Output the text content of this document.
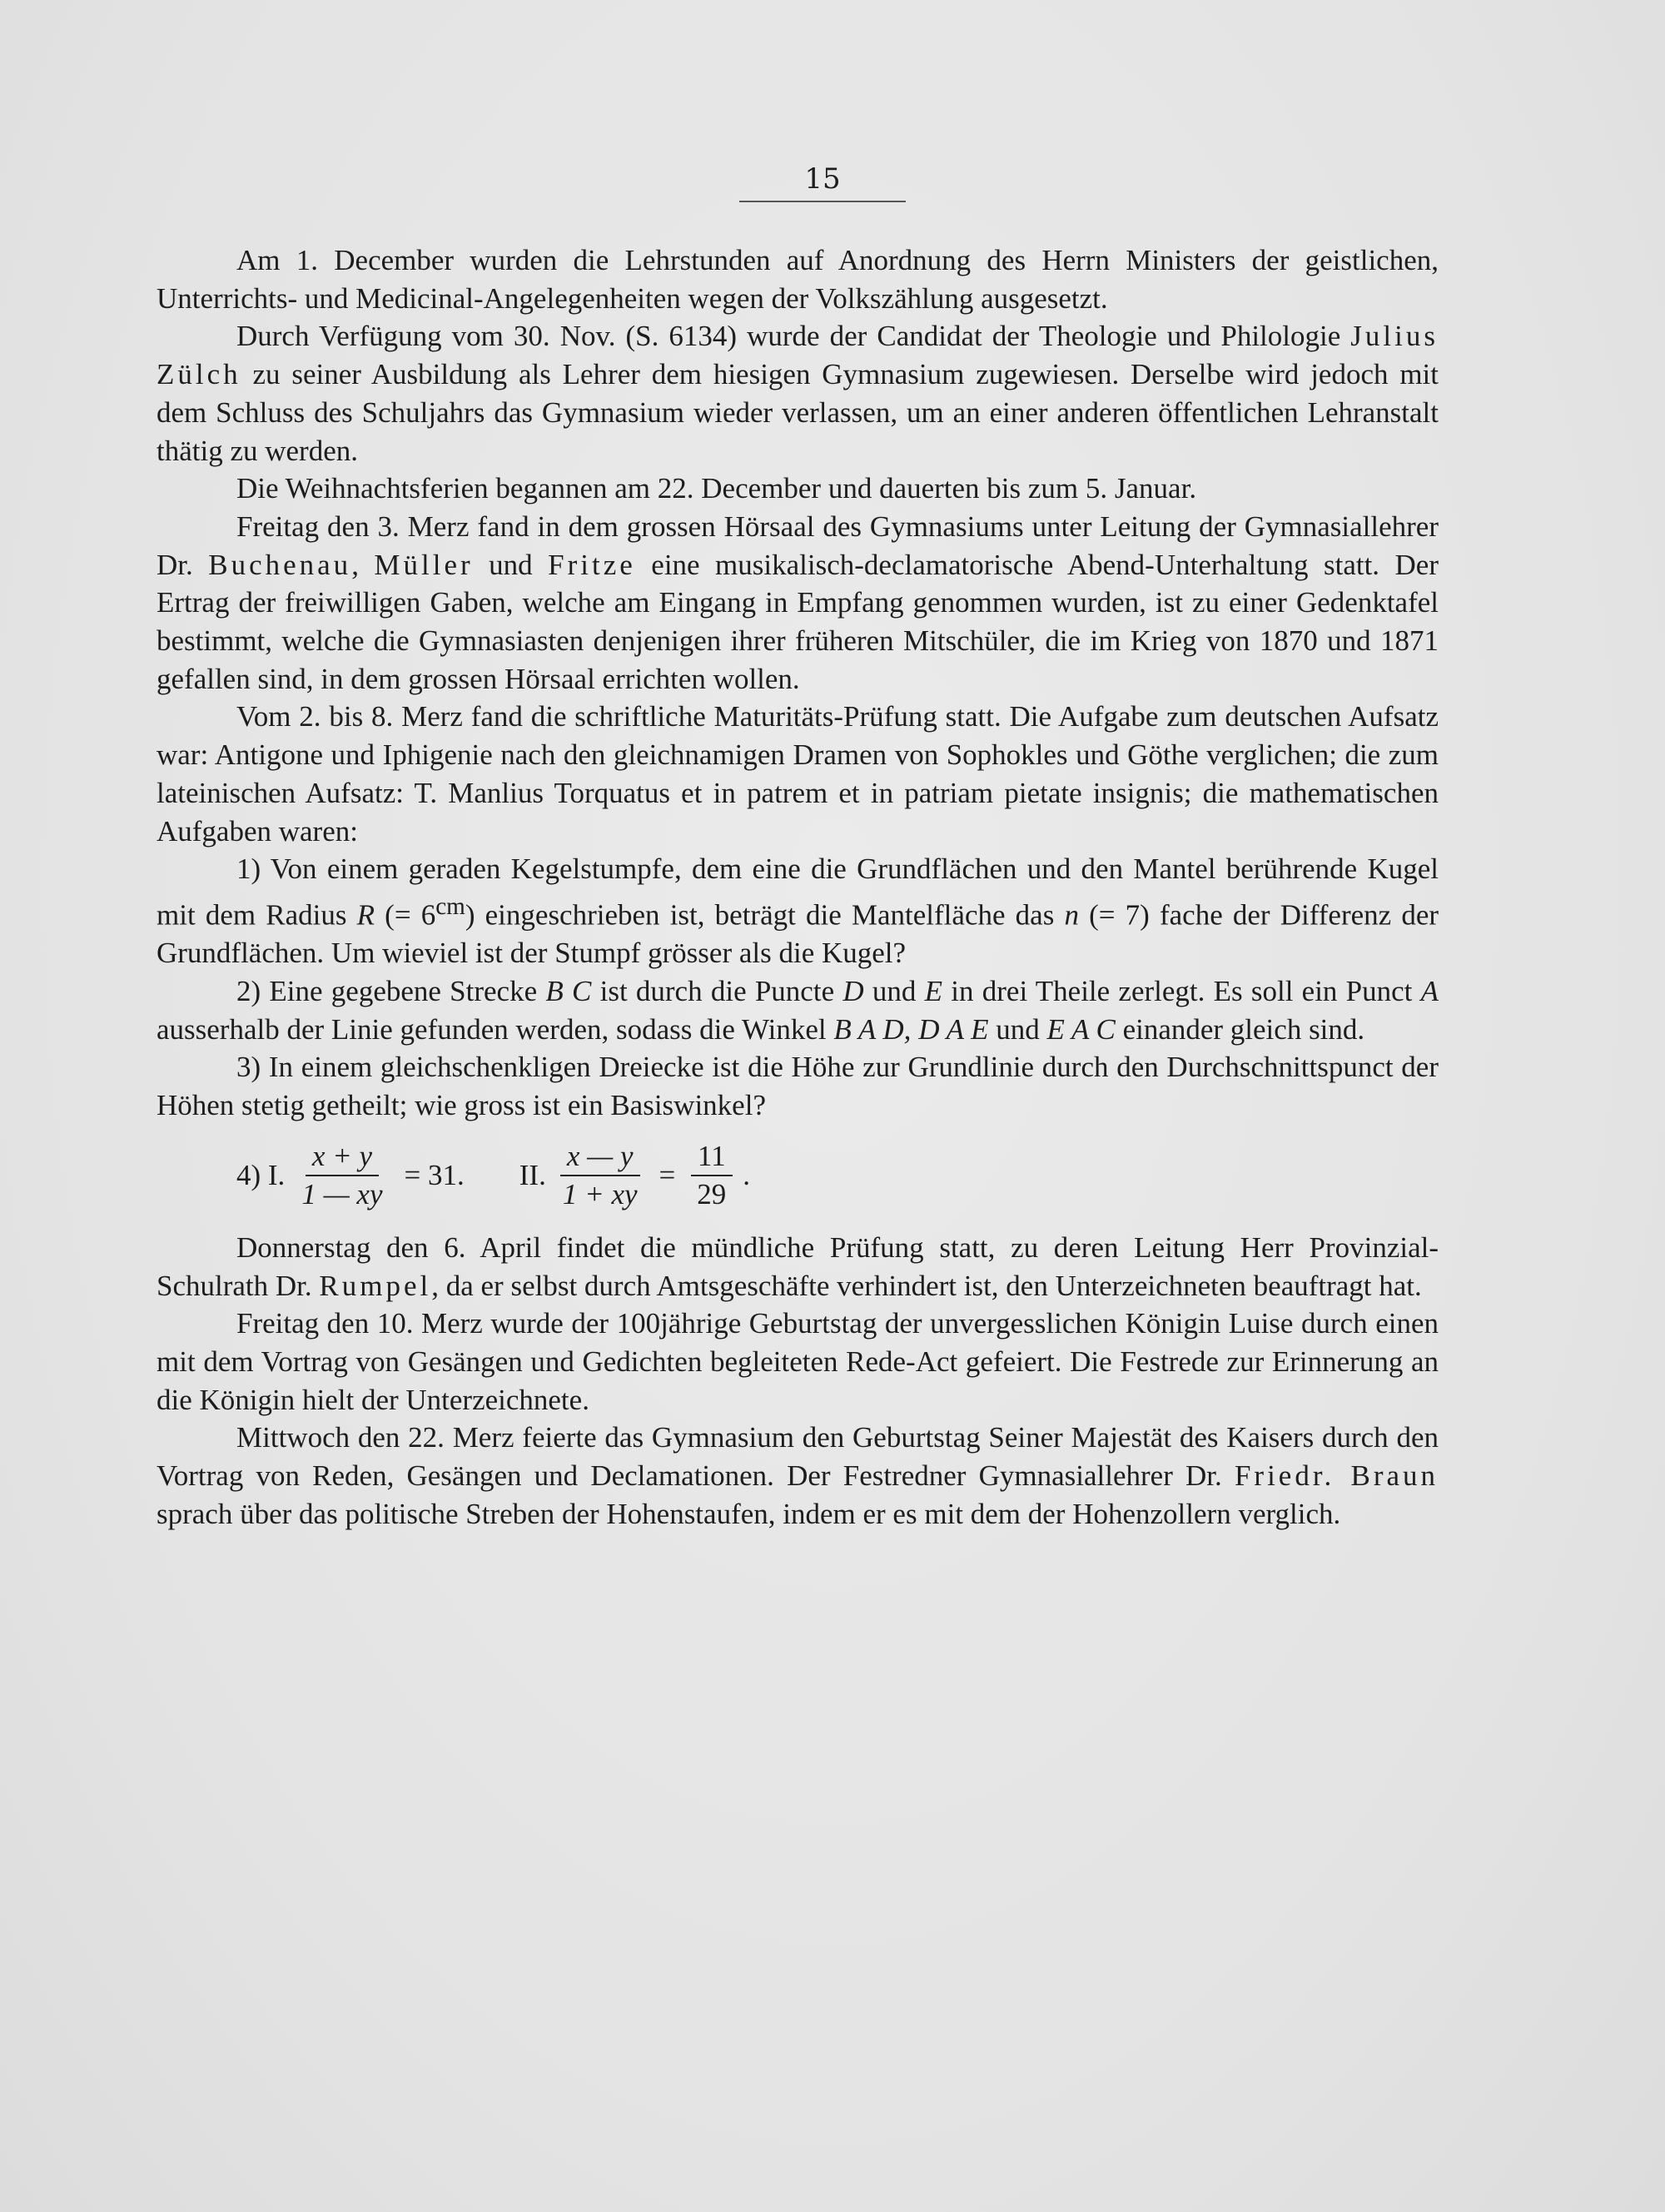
15

Am 1. December wurden die Lehrstunden auf Anordnung des Herrn Ministers der geistlichen, Unterrichts- und Medicinal-Angelegenheiten wegen der Volkszählung ausgesetzt.

Durch Verfügung vom 30. Nov. (S. 6134) wurde der Candidat der Theologie und Philologie Julius Zülch zu seiner Ausbildung als Lehrer dem hiesigen Gymnasium zugewiesen. Derselbe wird jedoch mit dem Schluss des Schuljahrs das Gymnasium wieder verlassen, um an einer anderen öffentlichen Lehranstalt thätig zu werden.

Die Weihnachtsferien begannen am 22. December und dauerten bis zum 5. Januar.

Freitag den 3. Merz fand in dem grossen Hörsaal des Gymnasiums unter Leitung der Gymnasiallehrer Dr. Buchenau, Müller und Fritze eine musikalisch-declamatorische Abend-Unterhaltung statt. Der Ertrag der freiwilligen Gaben, welche am Eingang in Empfang genommen wurden, ist zu einer Gedenktafel bestimmt, welche die Gymnasiasten denjenigen ihrer früheren Mitschüler, die im Krieg von 1870 und 1871 gefallen sind, in dem grossen Hörsaal errichten wollen.

Vom 2. bis 8. Merz fand die schriftliche Maturitäts-Prüfung statt. Die Aufgabe zum deutschen Aufsatz war: Antigone und Iphigenie nach den gleichnamigen Dramen von Sophokles und Göthe verglichen; die zum lateinischen Aufsatz: T. Manlius Torquatus et in patrem et in patriam pietate insignis; die mathematischen Aufgaben waren:

1) Von einem geraden Kegelstumpfe, dem eine die Grundflächen und den Mantel berührende Kugel mit dem Radius R (= $6^{cm}$) eingeschrieben ist, beträgt die Mantelfläche das n (= 7) fache der Differenz der Grundflächen. Um wieviel ist der Stumpf grösser als die Kugel?

2) Eine gegebene Strecke B C ist durch die Puncte D und E in drei Theile zerlegt. Es soll ein Punct A ausserhalb der Linie gefunden werden, sodass die Winkel B A D, D A E und E A C einander gleich sind.

3) In einem gleichschenkligen Dreiecke ist die Höhe zur Grundlinie durch den Durchschnittspunct der Höhen stetig getheilt; wie gross ist ein Basiswinkel?

4) I. $\frac{x + y}{1 — xy} = 31$. II. $\frac{x — y}{1 + xy} = \frac{11}{29}$ .

Donnerstag den 6. April findet die mündliche Prüfung statt, zu deren Leitung Herr Provinzial-Schulrath Dr. Rumpel, da er selbst durch Amtsgeschäfte verhindert ist, den Unterzeichneten beauftragt hat.

Freitag den 10. Merz wurde der 100jährige Geburtstag der unvergesslichen Königin Luise durch einen mit dem Vortrag von Gesängen und Gedichten begleiteten Rede-Act gefeiert. Die Festrede zur Erinnerung an die Königin hielt der Unterzeichnete.

Mittwoch den 22. Merz feierte das Gymnasium den Geburtstag Seiner Majestät des Kaisers durch den Vortrag von Reden, Gesängen und Declamationen. Der Festredner Gymnasiallehrer Dr. Friedr. Braun sprach über das politische Streben der Hohenstaufen, indem er es mit dem der Hohenzollern verglich.
